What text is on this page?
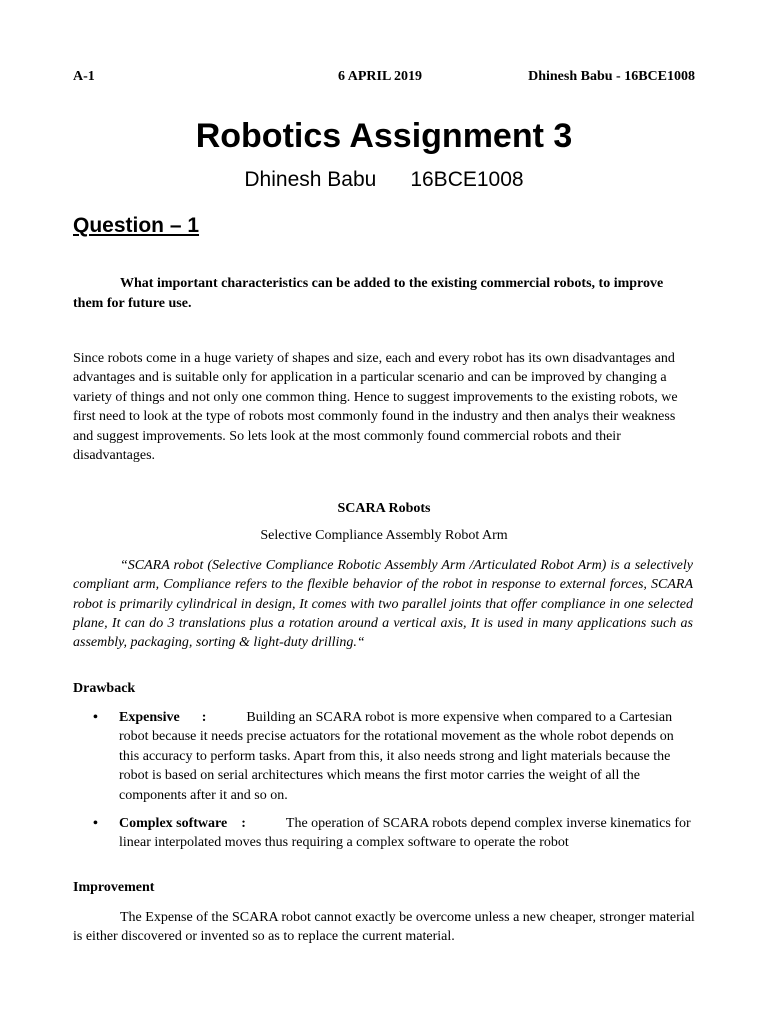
A-1	6 APRIL 2019	Dhinesh Babu - 16BCE1008
Robotics Assignment 3
Dhinesh Babu 16BCE1008
Question – 1
What important characteristics can be added to the existing commercial robots, to improve them for future use.
Since robots come in a huge variety of shapes and size, each and every robot has its own disadvantages and advantages and is suitable only for application in a particular scenario and can be improved by changing a variety of things and not only one common thing. Hence to suggest improvements to the existing robots, we first need to look at the type of robots most commonly found in the industry and then analys their weakness and suggest improvements. So lets look at the most commonly found commercial robots and their disadvantages.
SCARA Robots
Selective Compliance Assembly Robot Arm
“SCARA robot (Selective Compliance Robotic Assembly Arm /Articulated Robot Arm) is a selectively compliant arm, Compliance refers to the flexible behavior of the robot in response to external forces, SCARA robot is primarily cylindrical in design, It comes with two parallel joints that offer compliance in one selected plane, It can do 3 translations plus a rotation around a vertical axis, It is used in many applications such as assembly, packaging, sorting & light-duty drilling.“
Drawback
• Expensive :	Building an SCARA robot is more expensive when compared to a Cartesian robot because it needs precise actuators for the rotational movement as the whole robot depends on this accuracy to perform tasks. Apart from this, it also needs strong and light materials because the robot is based on serial architectures which means the first motor carries the weight of all the components after it and so on.
• Complex software :	The operation of SCARA robots depend complex inverse kinematics for linear interpolated moves thus requiring a complex software to operate the robot
Improvement
The Expense of the SCARA robot cannot exactly be overcome unless a new cheaper, stronger material is either discovered or invented so as to replace the current material.
